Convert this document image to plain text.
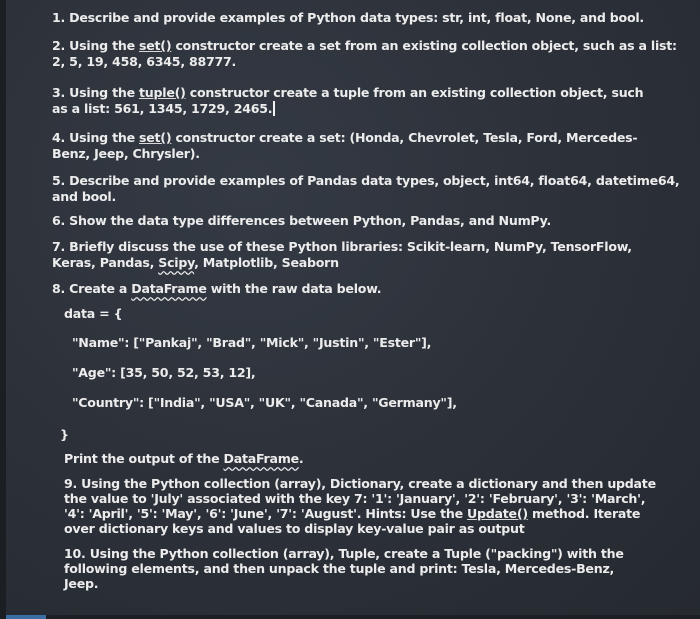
1. Describe and provide examples of Python data types: str, int, float, None, and bool.

2. Using the set() constructor create a set from an existing collection object, such as a list: 2, 5, 19, 458, 6345, 88777.

3. Using the tuple() constructor create a tuple from an existing collection object, such as a list: 561, 1345, 1729, 2465.

4. Using the set() constructor create a set: (Honda, Chevrolet, Tesla, Ford, Mercedes-Benz, Jeep, Chrysler).

5. Describe and provide examples of Pandas data types, object, int64, float64, datetime64, and bool.

6. Show the data type differences between Python, Pandas, and NumPy.

7. Briefly discuss the use of these Python libraries: Scikit-learn, NumPy, TensorFlow, Keras, Pandas, Scipy, Matplotlib, Seaborn

8. Create a DataFrame with the raw data below.

data = {

"Name": ["Pankaj", "Brad", "Mick", "Justin", "Ester"],

"Age": [35, 50, 52, 53, 12],

"Country": ["India", "USA", "UK", "Canada", "Germany"],

}

Print the output of the DataFrame.

9. Using the Python collection (array), Dictionary, create a dictionary and then update the value to 'July' associated with the key 7: '1': 'January', '2': 'February', '3': 'March', '4': 'April', '5': 'May', '6': 'June', '7': 'August'. Hints: Use the Update() method. Iterate over dictionary keys and values to display key-value pair as output

10. Using the Python collection (array), Tuple, create a Tuple ("packing") with the following elements, and then unpack the tuple and print: Tesla, Mercedes-Benz, Jeep.
